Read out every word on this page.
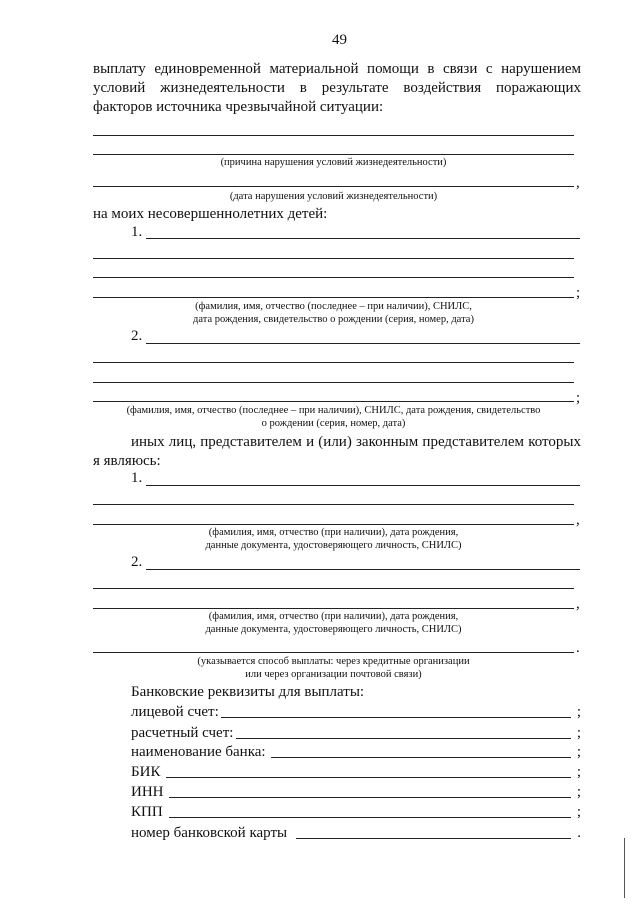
49
выплату единовременной материальной помощи в связи с нарушением условий жизнедеятельности в результате воздействия поражающих факторов источника чрезвычайной ситуации:
(причина нарушения условий жизнедеятельности)
,
(дата нарушения условий жизнедеятельности)
на моих несовершеннолетних детей:
1.
;
(фамилия, имя, отчество (последнее – при наличии), СНИЛС,
дата рождения, свидетельство о рождении (серия, номер, дата)
2.
;
(фамилия, имя, отчество (последнее – при наличии), СНИЛС, дата рождения, свидетельство
о рождении (серия, номер, дата)
иных лиц, представителем и (или) законным представителем которых я являюсь:
1.
,
(фамилия, имя, отчество (при наличии), дата рождения,
данные документа, удостоверяющего личность, СНИЛС)
2.
,
(фамилия, имя, отчество (при наличии), дата рождения,
данные документа, удостоверяющего личность, СНИЛС)
.
(указывается способ выплаты: через кредитные организации
или через организации почтовой связи)
Банковские реквизиты для выплаты:
лицевой счет:	;
расчетный счет:	;
наименование банка:	;
БИК	;
ИНН	;
КПП	;
номер банковской карты	.
